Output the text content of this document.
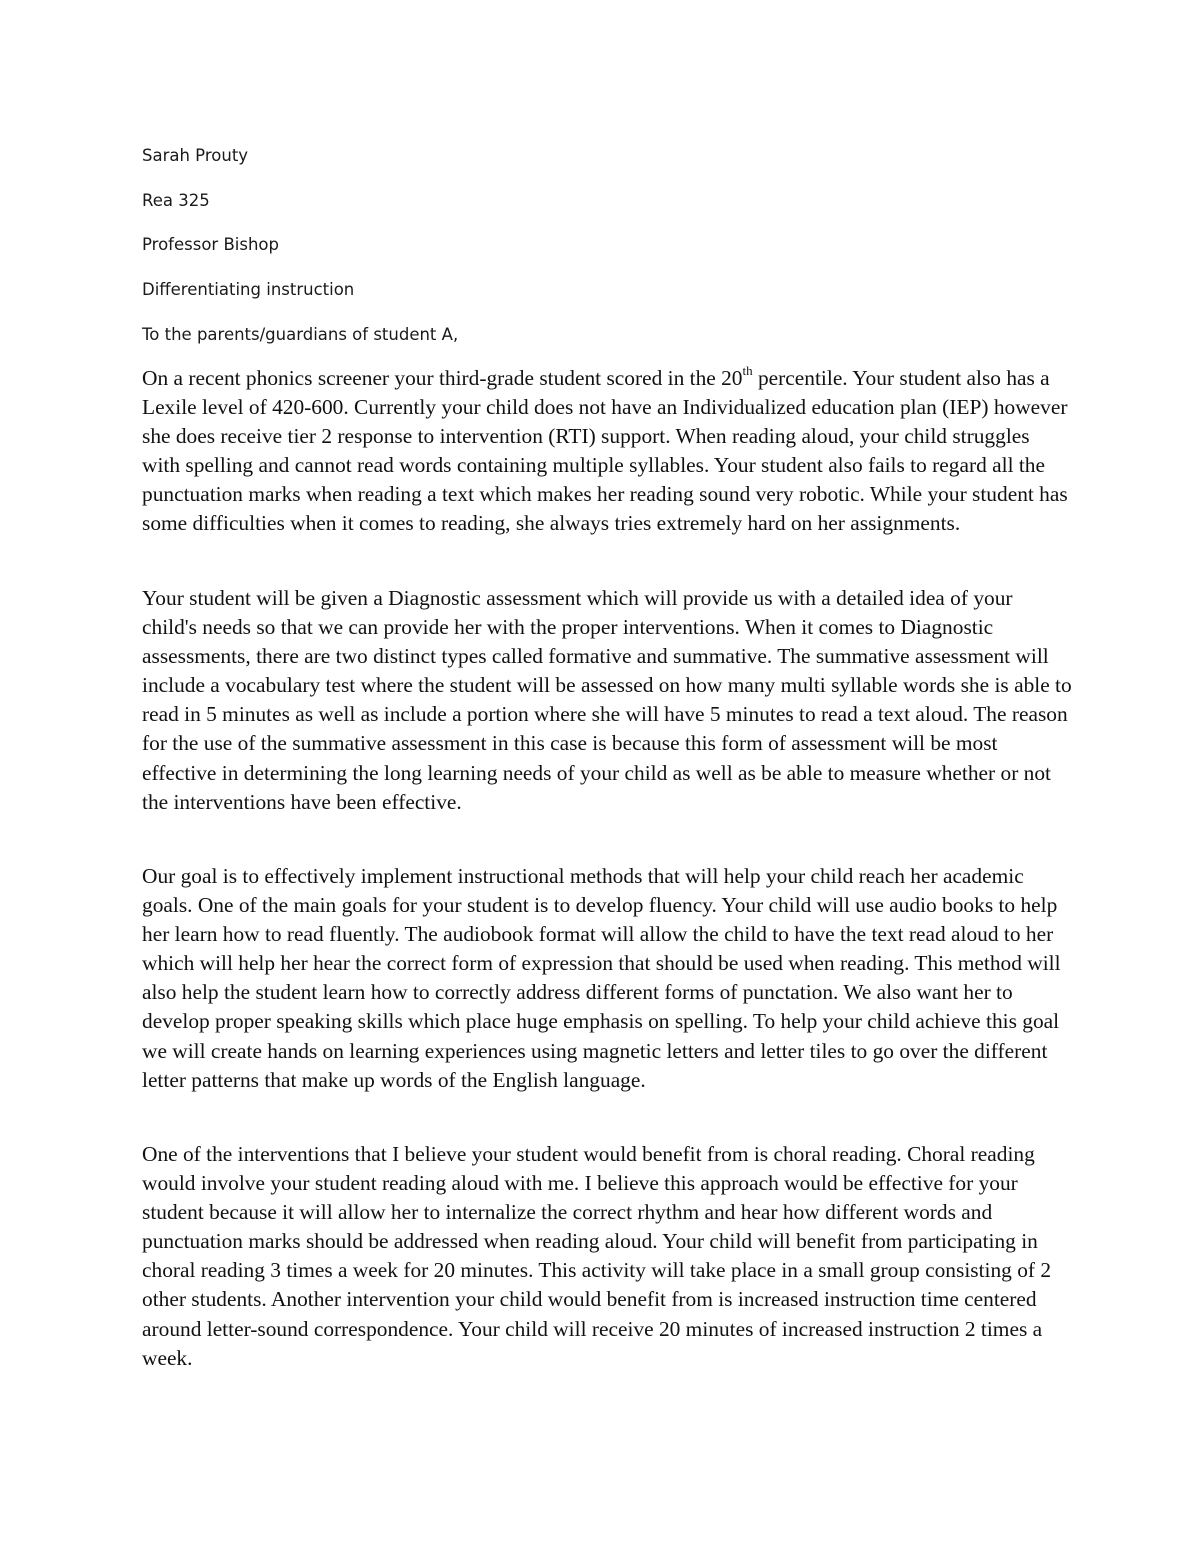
Sarah Prouty
Rea 325
Professor Bishop
Differentiating instruction
To the parents/guardians of student A,

On a recent phonics screener your third-grade student scored in the 20th percentile. Your student also has a Lexile level of 420-600. Currently your child does not have an Individualized education plan (IEP) however she does receive tier 2 response to intervention (RTI) support. When reading aloud, your child struggles with spelling and cannot read words containing multiple syllables. Your student also fails to regard all the punctuation marks when reading a text which makes her reading sound very robotic. While your student has some difficulties when it comes to reading, she always tries extremely hard on her assignments.

Your student will be given a Diagnostic assessment which will provide us with a detailed idea of your child's needs so that we can provide her with the proper interventions. When it comes to Diagnostic assessments, there are two distinct types called formative and summative. The summative assessment will include a vocabulary test where the student will be assessed on how many multi syllable words she is able to read in 5 minutes as well as include a portion where she will have 5 minutes to read a text aloud. The reason for the use of the summative assessment in this case is because this form of assessment will be most effective in determining the long learning needs of your child as well as be able to measure whether or not the interventions have been effective.

Our goal is to effectively implement instructional methods that will help your child reach her academic goals. One of the main goals for your student is to develop fluency. Your child will use audio books to help her learn how to read fluently. The audiobook format will allow the child to have the text read aloud to her which will help her hear the correct form of expression that should be used when reading. This method will also help the student learn how to correctly address different forms of punctation. We also want her to develop proper speaking skills which place huge emphasis on spelling. To help your child achieve this goal we will create hands on learning experiences using magnetic letters and letter tiles to go over the different letter patterns that make up words of the English language.

One of the interventions that I believe your student would benefit from is choral reading. Choral reading would involve your student reading aloud with me. I believe this approach would be effective for your student because it will allow her to internalize the correct rhythm and hear how different words and punctuation marks should be addressed when reading aloud. Your child will benefit from participating in choral reading 3 times a week for 20 minutes. This activity will take place in a small group consisting of 2 other students. Another intervention your child would benefit from is increased instruction time centered around letter-sound correspondence. Your child will receive 20 minutes of increased instruction 2 times a week.
